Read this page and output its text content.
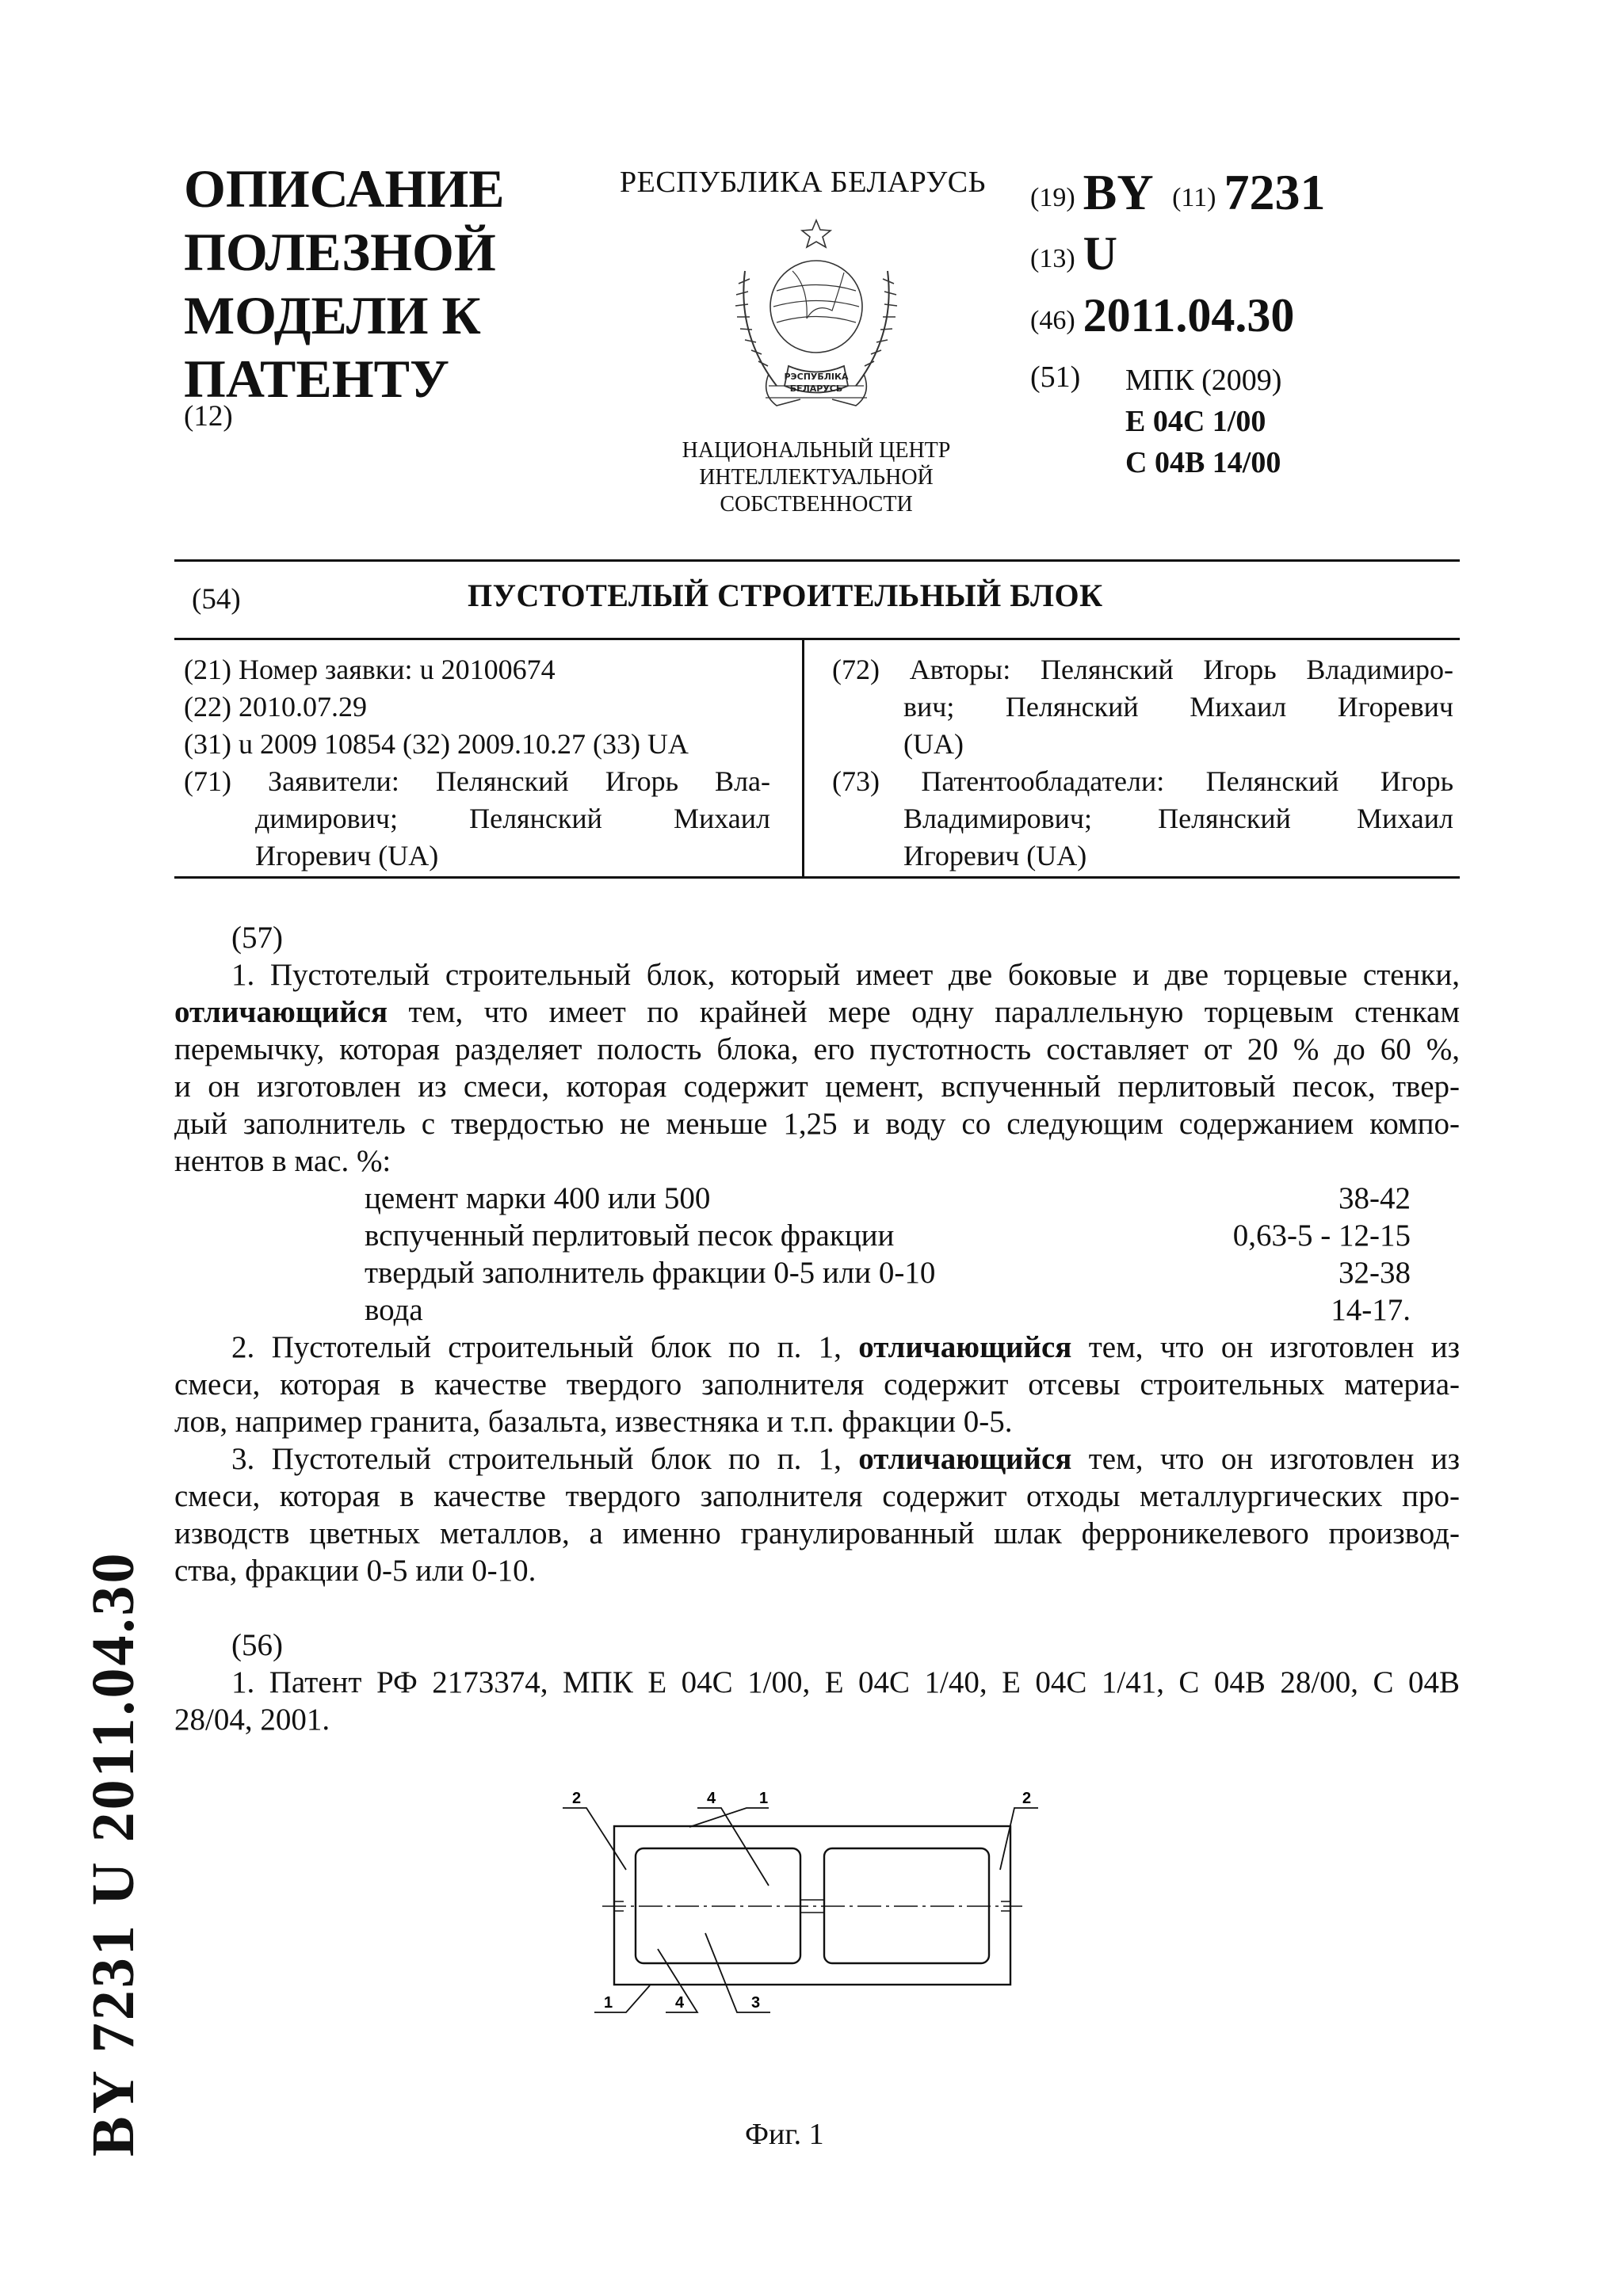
ОПИСАНИЕ
ПОЛЕЗНОЙ
МОДЕЛИ К
ПАТЕНТУ
(12)
РЕСПУБЛИКА БЕЛАРУСЬ
РЭСПУБЛIКА
БЕЛАРУСЬ
НАЦИОНАЛЬНЫЙ ЦЕНТР
ИНТЕЛЛЕКТУАЛЬНОЙ
СОБСТВЕННОСТИ
(19) BY (11) 7231
(13) U
(46) 2011.04.30
(51) МПК (2009)
E 04C 1/00
C 04B 14/00
(54)	ПУСТОТЕЛЫЙ СТРОИТЕЛЬНЫЙ БЛОК

(21) Номер заявки: u 20100674

(22) 2010.07.29

(31) u 2009 10854 (32) 2009.10.27 (33) UA

(71) Заявители: Пелянский Игорь Вла-

димирович; Пелянский Михаил

Игоревич (UA)

(72) Авторы: Пелянский Игорь Владимиро-

вич; Пелянский Михаил Игоревич

(UA)

(73) Патентообладатели: Пелянский Игорь

Владимирович; Пелянский Михаил

Игоревич (UA)

(57)

1. Пустотелый строительный блок, который имеет две боковые и две торцевые стенки,

отличающийся тем, что имеет по крайней мере одну параллельную торцевым стенкам

перемычку, которая разделяет полость блока, его пустотность составляет от 20 % до 60 %,

и он изготовлен из смеси, которая содержит цемент, вспученный перлитовый песок, твер-

дый заполнитель с твердостью не меньше 1,25 и воду со следующим содержанием компо-

нентов в мас. %:

цемент марки 400 или 500	38-42
вспученный перлитовый песок фракции	0,63-5 - 12-15
твердый заполнитель фракции 0-5 или 0-10	32-38
вода	14-17.

2. Пустотелый строительный блок по п. 1, отличающийся тем, что он изготовлен из

смеси, которая в качестве твердого заполнителя содержит отсевы строительных материа-

лов, например гранита, базальта, известняка и т.п. фракции 0-5.

3. Пустотелый строительный блок по п. 1, отличающийся тем, что он изготовлен из

смеси, которая в качестве твердого заполнителя содержит отходы металлургических про-

изводств цветных металлов, а именно гранулированный шлак ферроникелевого производ-

ства, фракции 0-5 или 0-10.

(56)

1. Патент РФ 2173374, МПК E 04C 1/00, E 04C 1/40, E 04C 1/41, C 04B 28/00, C 04B

28/04, 2001.

4	1
2	2
1	4	3
Фиг. 1
BY 7231 U 2011.04.30
